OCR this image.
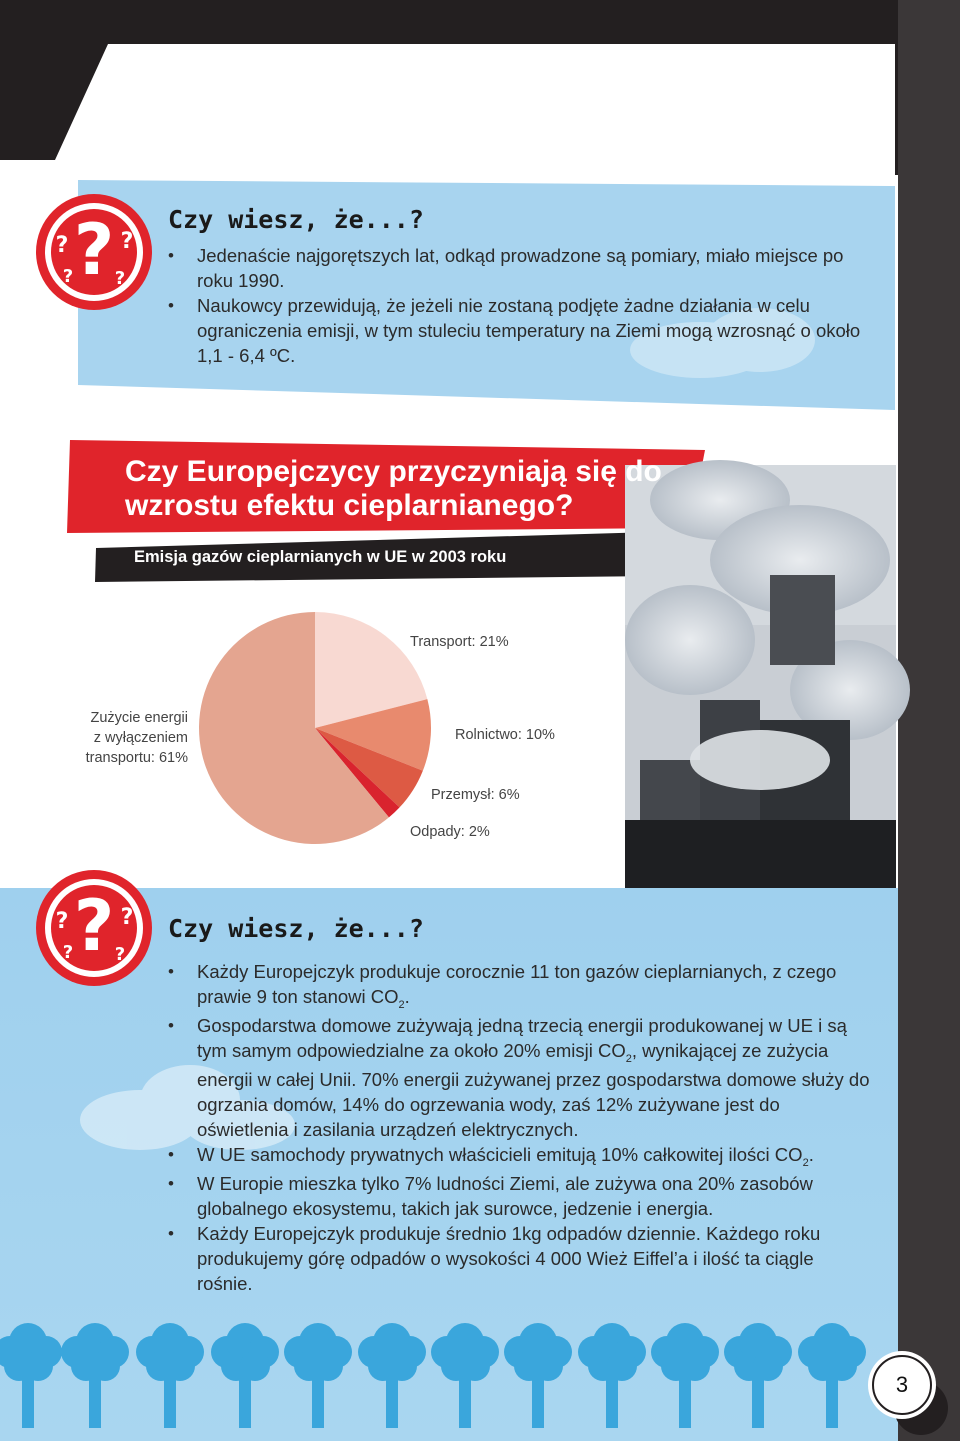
?
? ?
? ?
?
? ?
? ?
Czy wiesz, że...?
• Jedenaście najgorętszych lat, odkąd prowadzone są pomiary, miało miejsce po roku 1990.
• Naukowcy przewidują, że jeżeli nie zostaną podjęte żadne działania w celu ograniczenia emisji, w tym stuleciu temperatury na Ziemi mogą wzrosnąć o około 1,1 - 6,4 ºC.
Czy Europejczycy przyczyniają się do
wzrostu efektu cieplarnianego?
Emisja gazów cieplarnianych w UE w 2003 roku
Transport: 21%
Rolnictwo: 10%
Przemysł: 6%
Odpady: 2%
Zużycie energii
z wyłączeniem
transportu: 61%
Czy wiesz, że...?
• Każdy Europejczyk produkuje corocznie 11 ton gazów cieplarnianych, z czego prawie 9 ton stanowi $CO_2$.
• Gospodarstwa domowe zużywają jedną trzecią energii produkowanej w UE i są tym samym odpowiedzialne za około 20% emisji $CO_2$, wynikającej ze zużycia energii w całej Unii. 70% energii zużywanej przez gospodarstwa domowe służy do ogrzania domów, 14% do ogrzewania wody, zaś 12% zużywane jest do oświetlenia i zasilania urządzeń elektrycznych.
• W UE samochody prywatnych właścicieli emitują 10% całkowitej ilości $CO_2$.
• W Europie mieszka tylko 7% ludności Ziemi, ale zużywa ona 20% zasobów globalnego ekosystemu, takich jak surowce, jedzenie i energia.
• Każdy Europejczyk produkuje średnio 1kg odpadów dziennie. Każdego roku produkujemy górę odpadów o wysokości 4 000 Wież Eiffel’a i ilość ta ciągle rośnie.
3
